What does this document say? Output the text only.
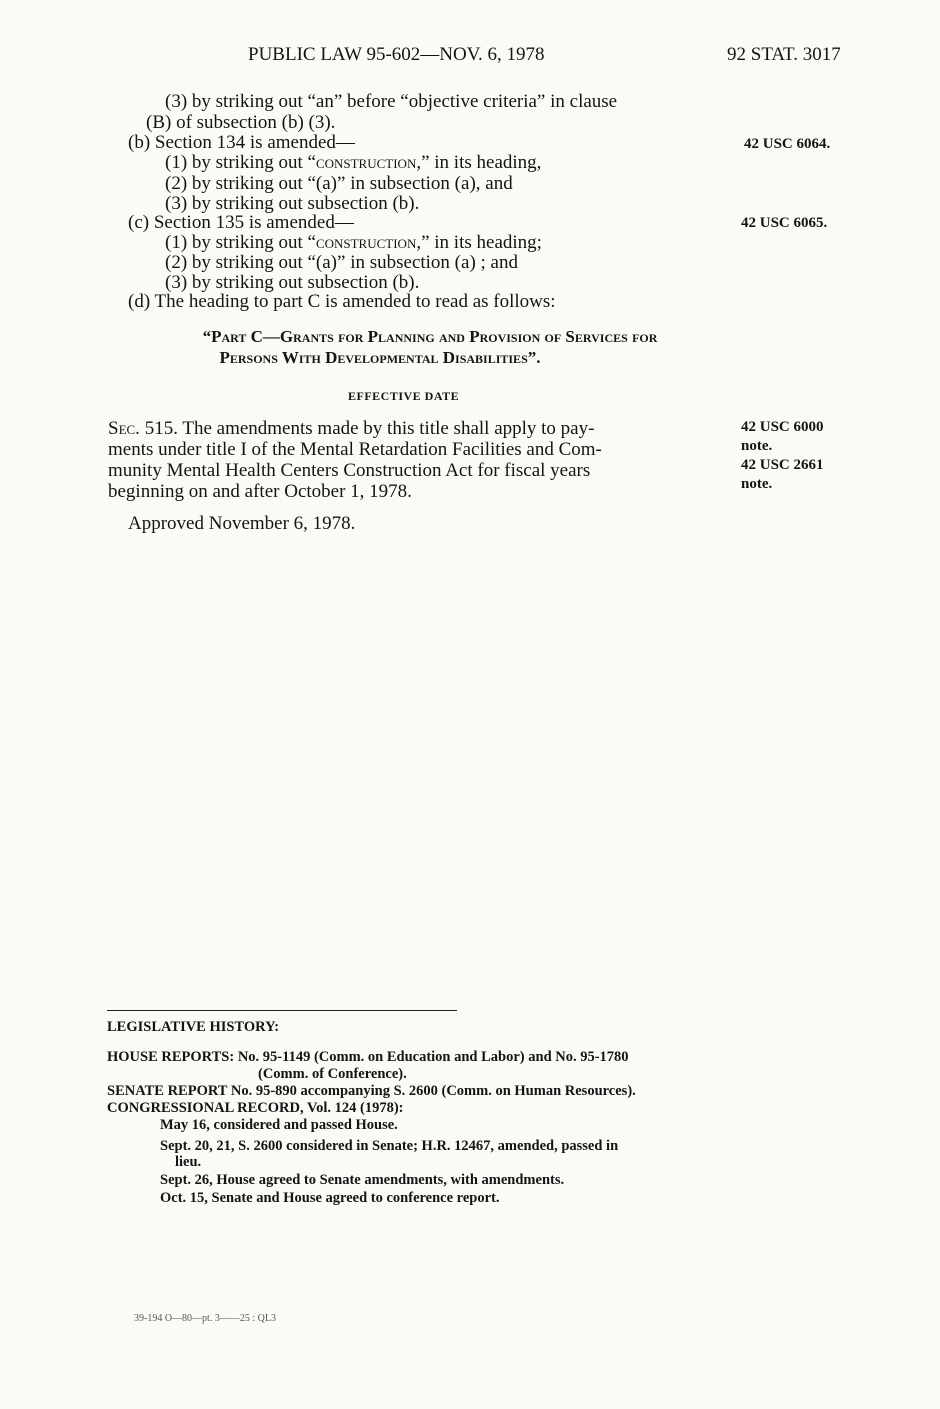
PUBLIC LAW 95-602—NOV. 6, 1978	92 STAT. 3017
(3) by striking out “an” before “objective criteria” in clause
(B) of subsection (b) (3).
(b) Section 134 is amended—
(1) by striking out “construction,” in its heading,
(2) by striking out “(a)” in subsection (a), and
(3) by striking out subsection (b).
(c) Section 135 is amended—
(1) by striking out “construction,” in its heading;
(2) by striking out “(a)” in subsection (a) ; and
(3) by striking out subsection (b).
(d) The heading to part C is amended to read as follows:
42 USC 6064.
42 USC 6065.
42 USC 6000
note.
42 USC 2661
note.
“Part C—Grants for Planning and Provision of Services for
Persons With Developmental Disabilities”.
EFFECTIVE DATE
Sec. 515. The amendments made by this title shall apply to pay-
ments under title I of the Mental Retardation Facilities and Com-
munity Mental Health Centers Construction Act for fiscal years
beginning on and after October 1, 1978.
Approved November 6, 1978.
LEGISLATIVE HISTORY:
HOUSE REPORTS: No. 95-1149 (Comm. on Education and Labor) and No. 95-1780
(Comm. of Conference).
SENATE REPORT No. 95-890 accompanying S. 2600 (Comm. on Human Resources).
CONGRESSIONAL RECORD, Vol. 124 (1978):
May 16, considered and passed House.
Sept. 20, 21, S. 2600 considered in Senate; H.R. 12467, amended, passed in
lieu.
Sept. 26, House agreed to Senate amendments, with amendments.
Oct. 15, Senate and House agreed to conference report.
39-194 O—80—pt. 3——25 : QL3
